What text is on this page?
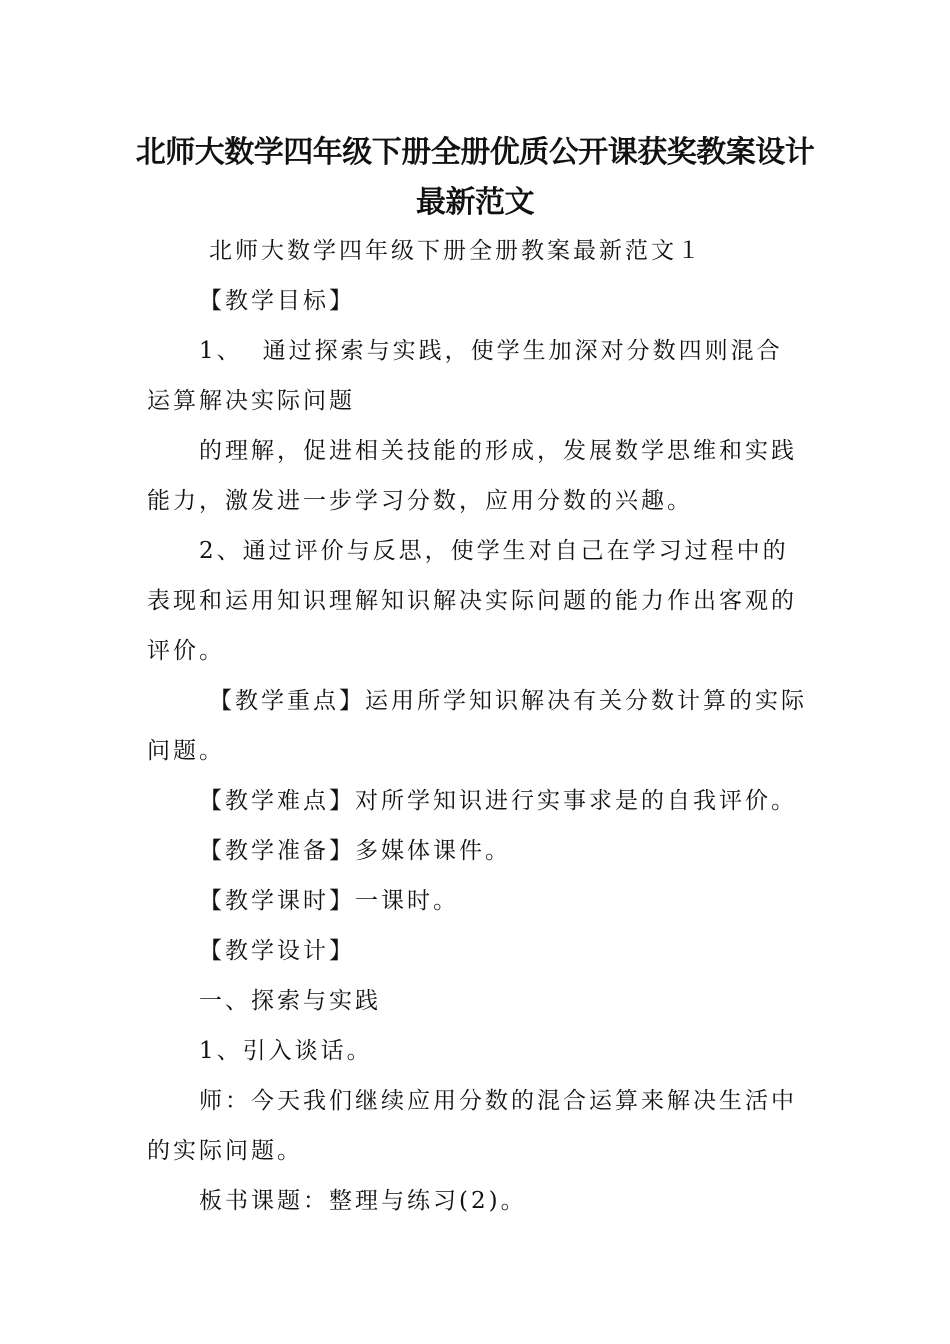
北师大数学四年级下册全册优质公开课获奖教案设计
最新范文

北师大数学四年级下册全册教案最新范文１

【教学目标】

1、 通过探索与实践，使学生加深对分数四则混合运算解决实际问题

的理解，促进相关技能的形成，发展数学思维和实践能力，激发进一步学习分数，应用分数的兴趣。

2、通过评价与反思，使学生对自己在学习过程中的表现和运用知识理解知识解决实际问题的能力作出客观的评价。

【教学重点】运用所学知识解决有关分数计算的实际问题。

【教学难点】对所学知识进行实事求是的自我评价。

【教学准备】多媒体课件。

【教学课时】一课时。

【教学设计】

一、探索与实践

1、引入谈话。

师：今天我们继续应用分数的混合运算来解决生活中的实际问题。

板书课题：整理与练习(2)。
